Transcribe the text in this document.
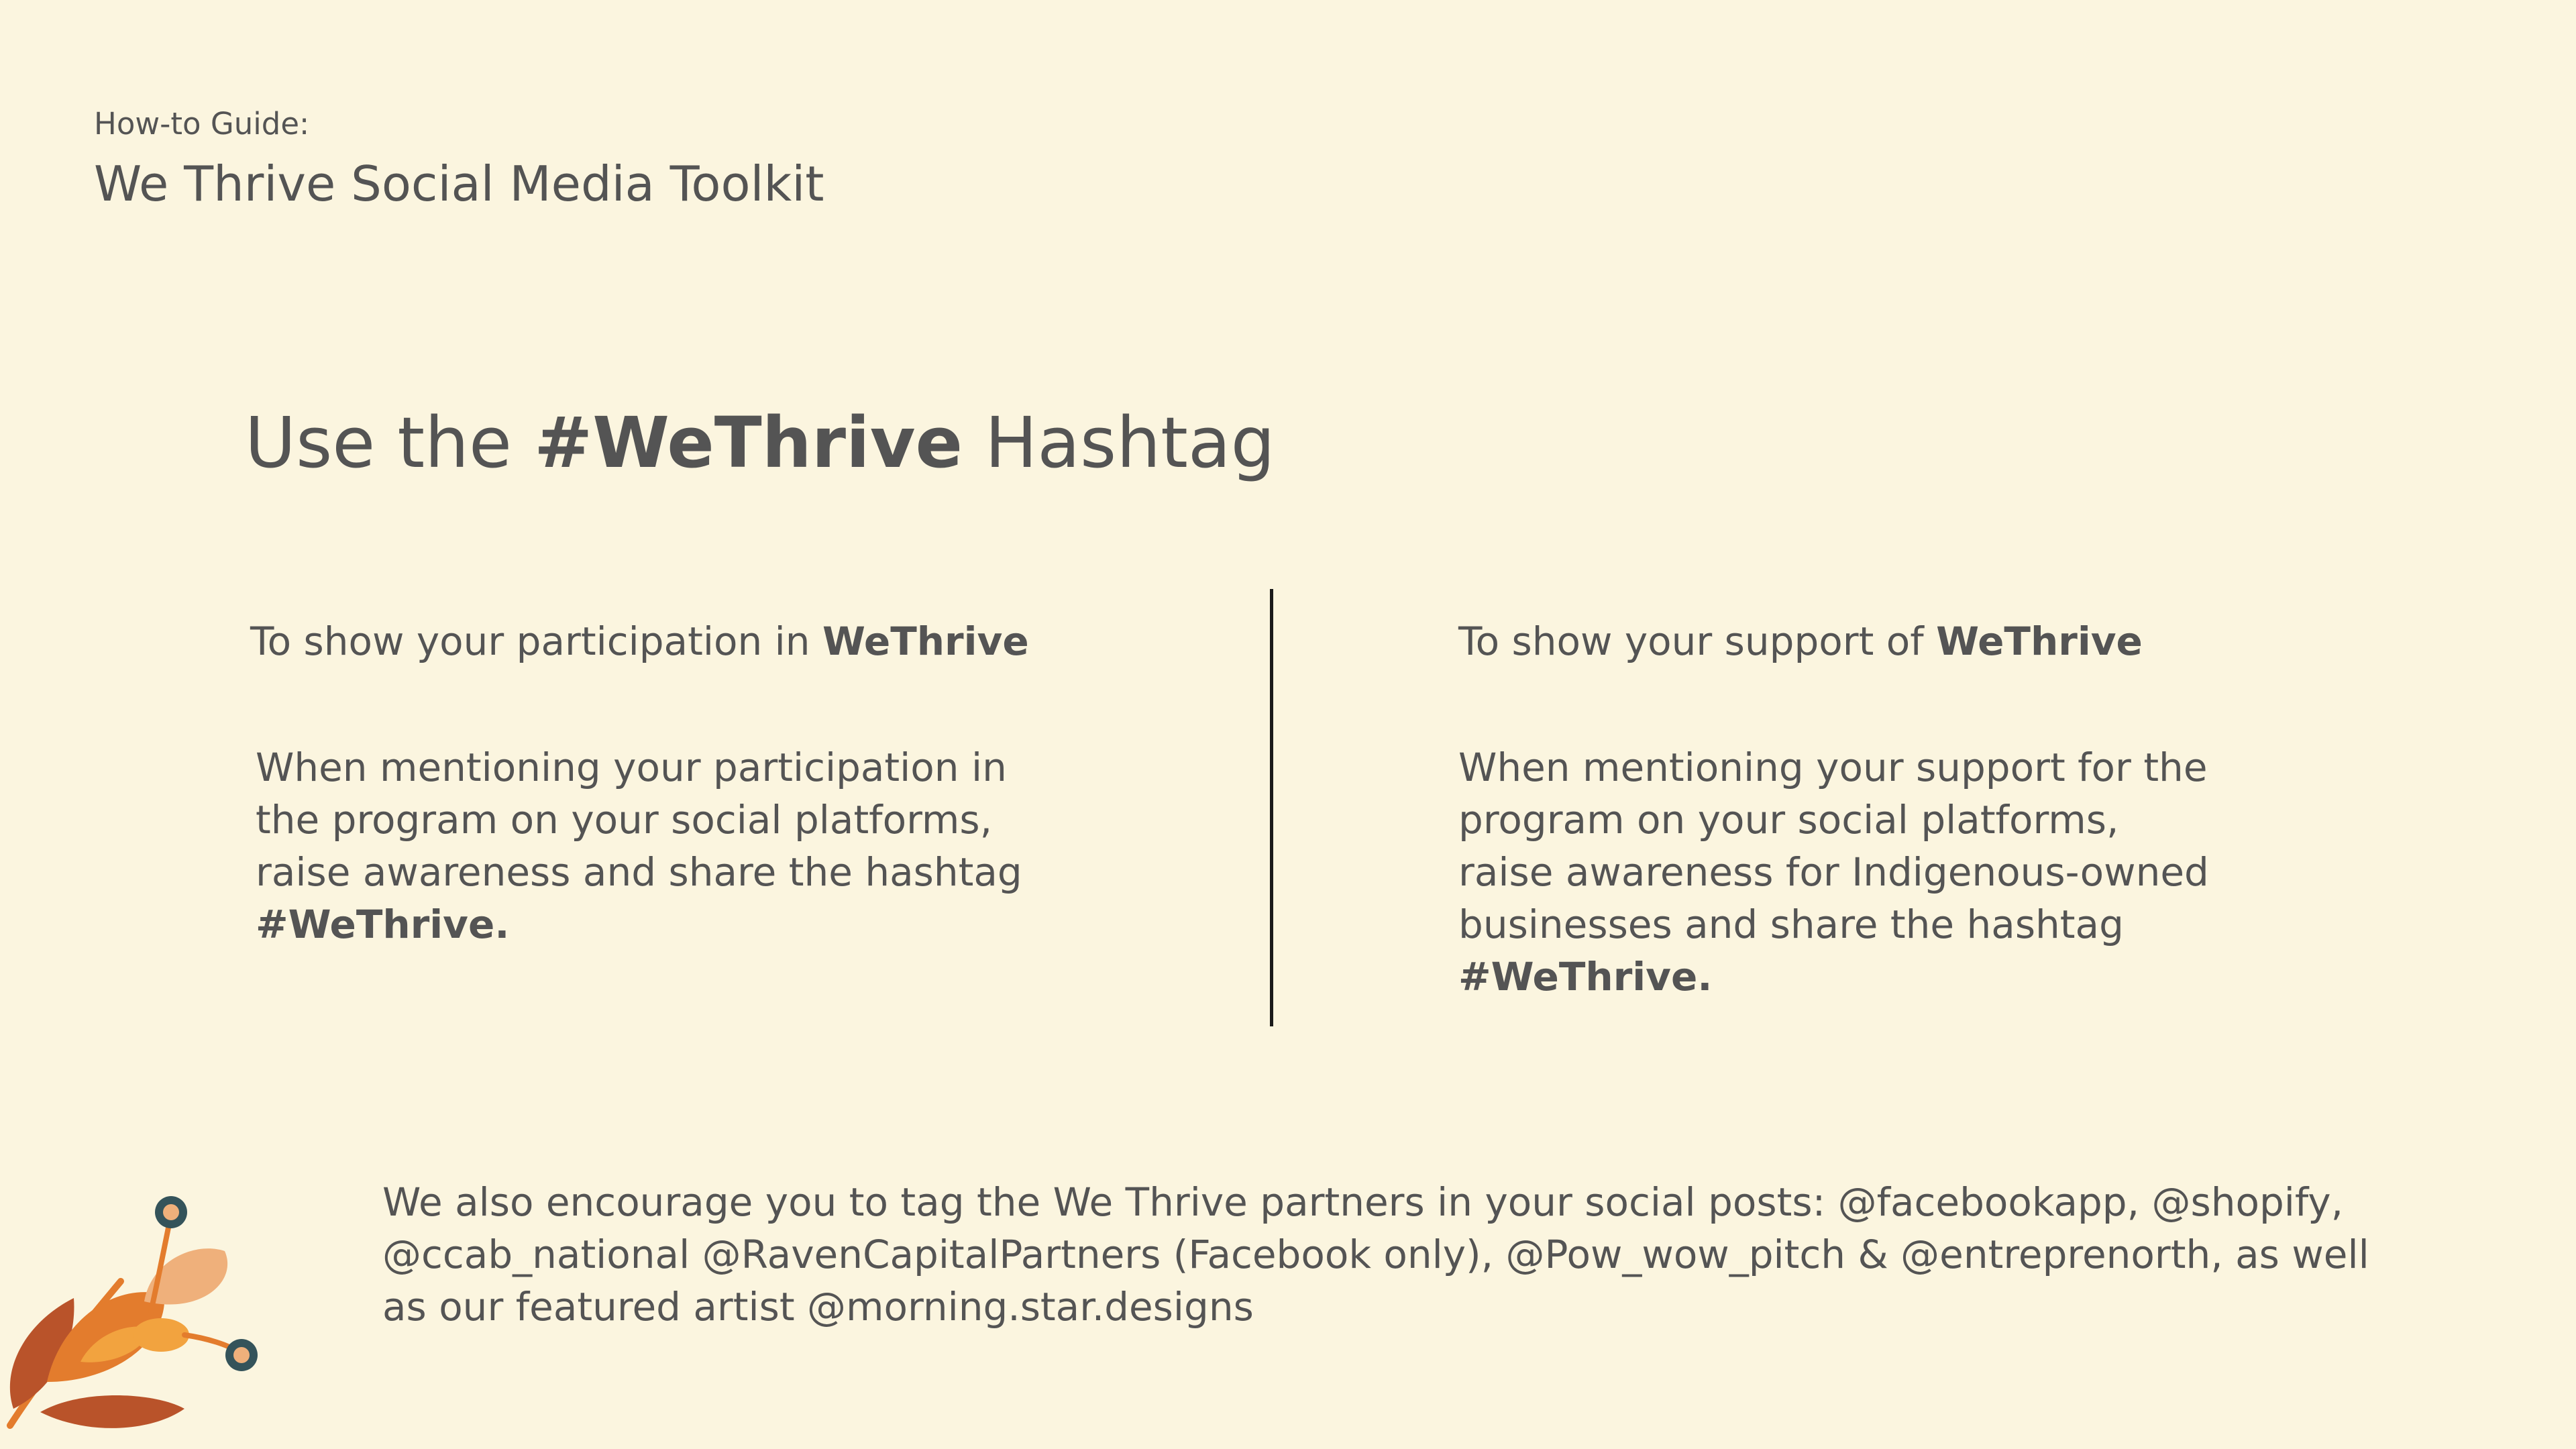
How-to Guide:
We Thrive Social Media Toolkit
Use the #WeThrive Hashtag
To show your participation in WeThrive
When mentioning your participation in
the program on your social platforms,
raise awareness and share the hashtag
#WeThrive.
To show your support of WeThrive
When mentioning your support for the
program on your social platforms,
raise awareness for Indigenous-owned
businesses and share the hashtag
#WeThrive.
We also encourage you to tag the We Thrive partners in your social posts: @facebookapp, @shopify,
@ccab_national @RavenCapitalPartners (Facebook only), @Pow_wow_pitch & @entreprenorth, as well
as our featured artist @morning.star.designs
